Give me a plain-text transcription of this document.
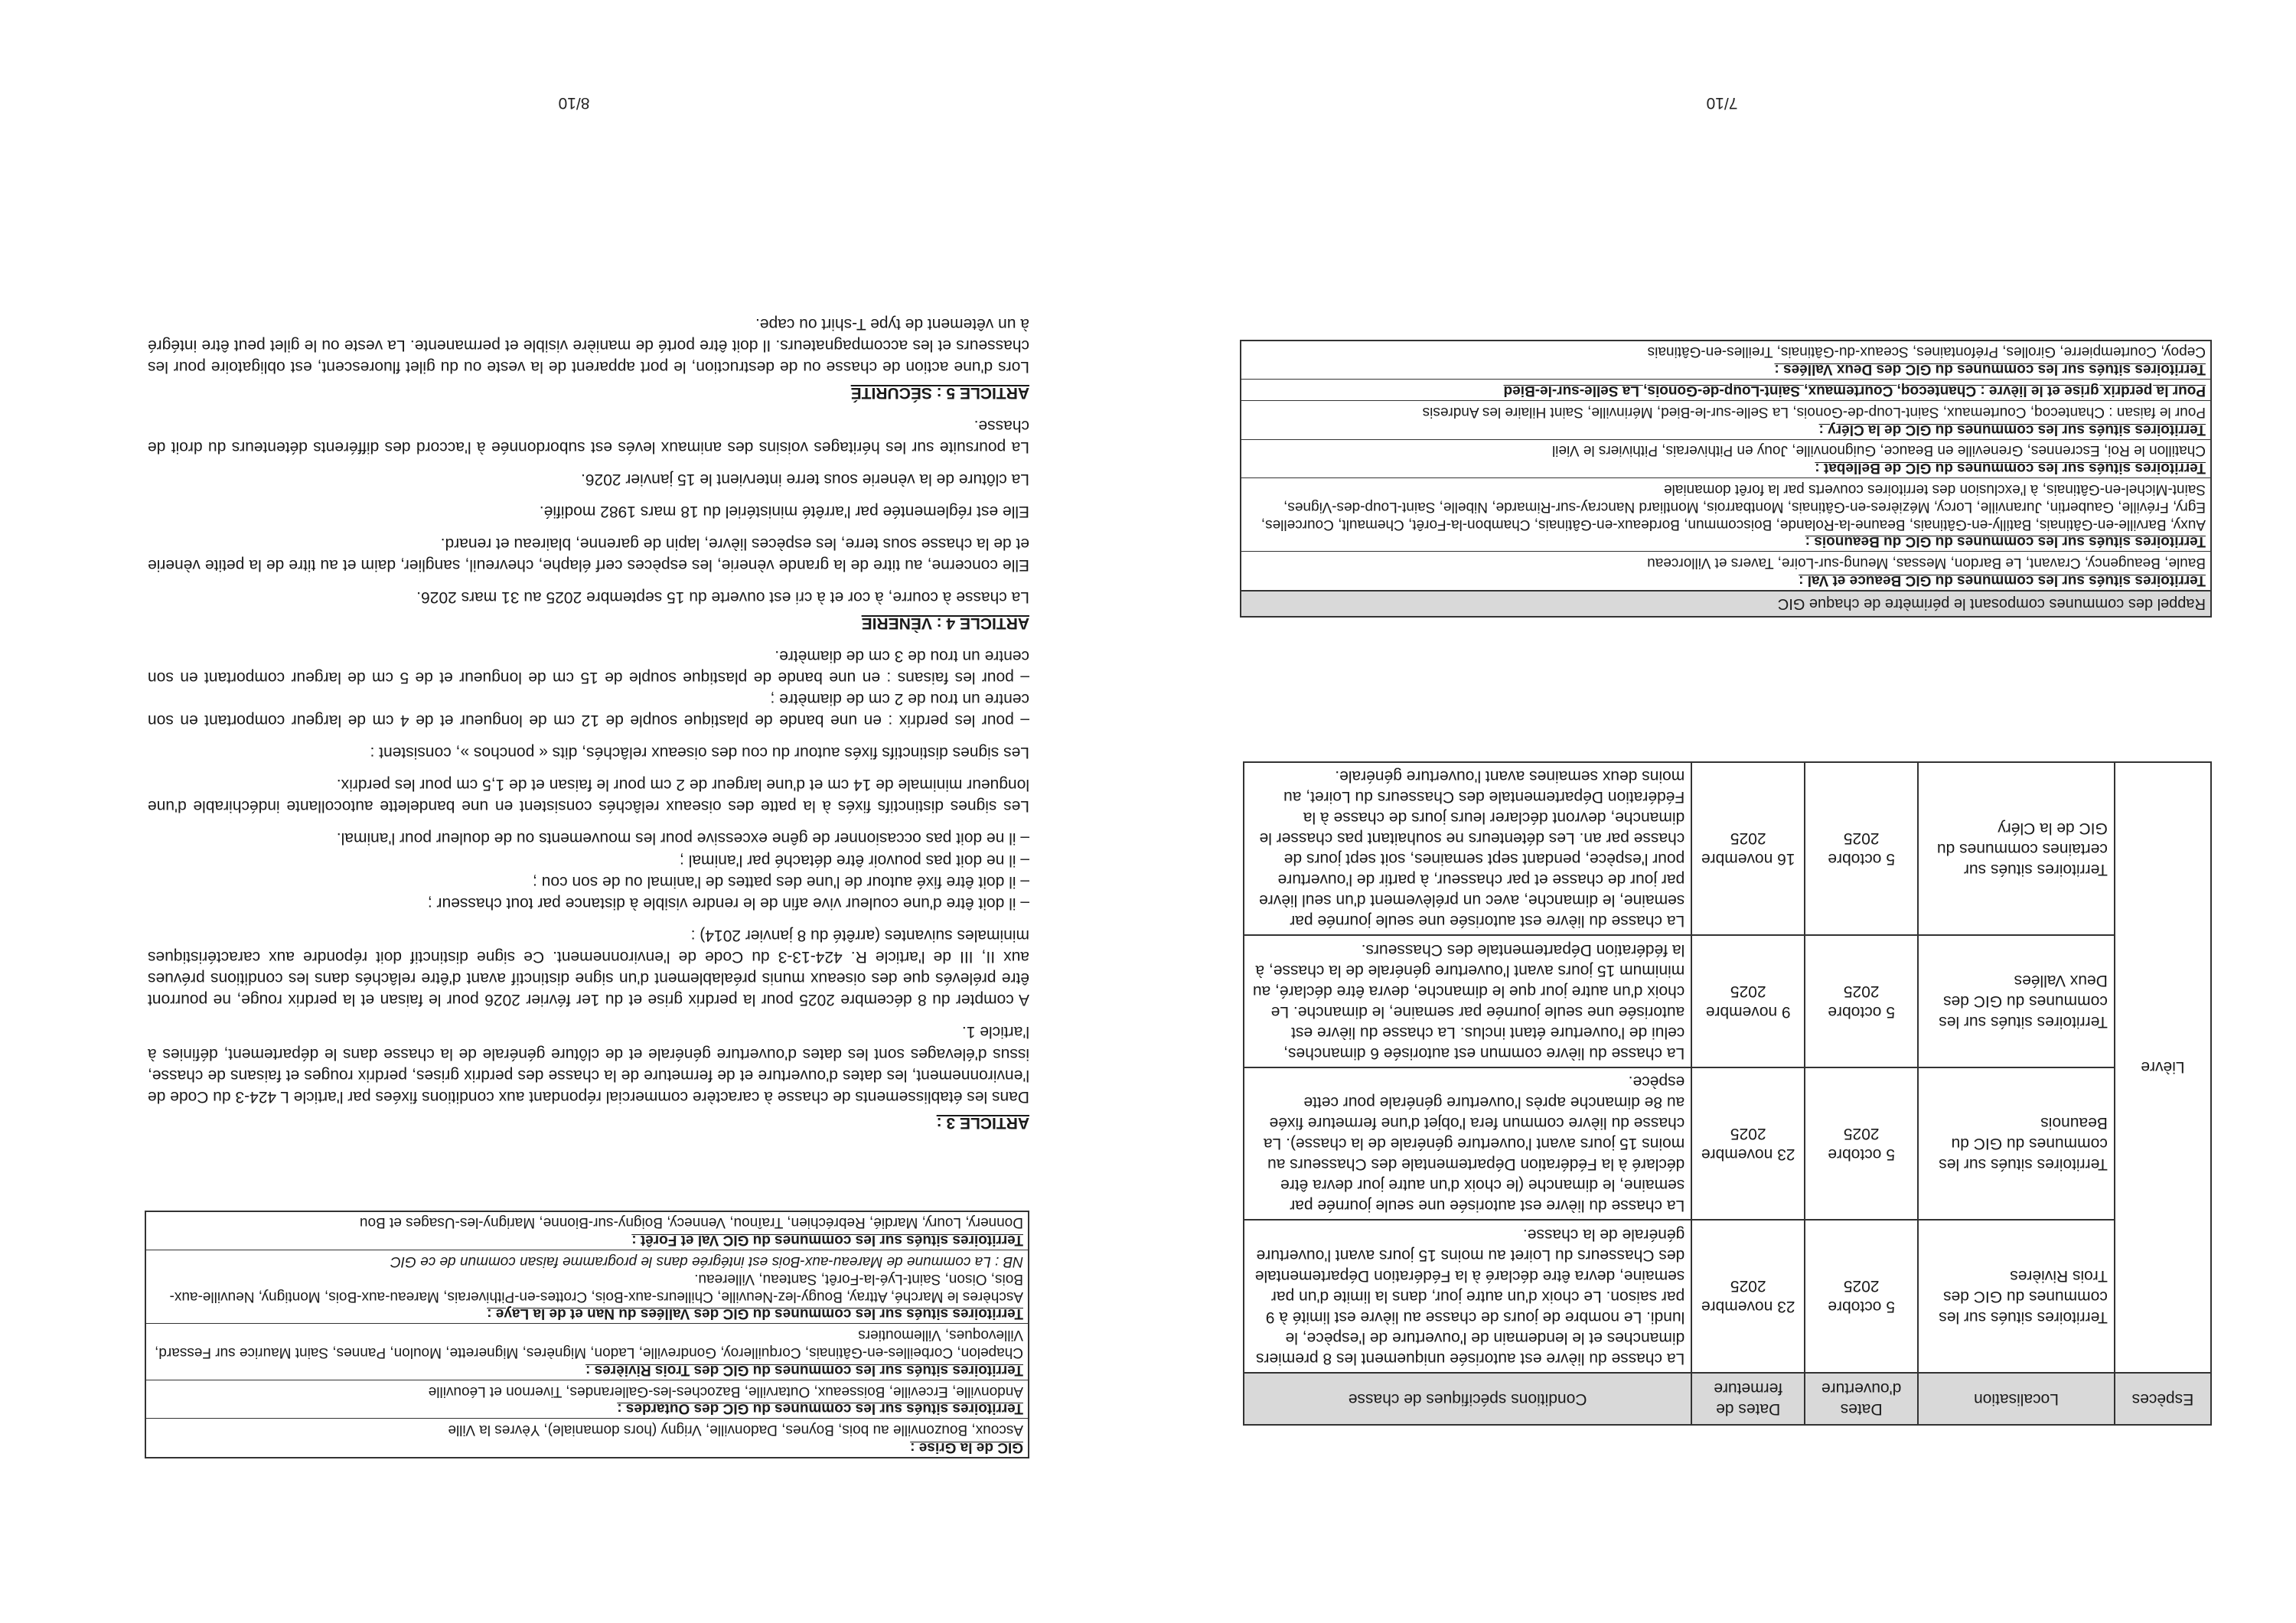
Espèces	Localisation	Dates d'ouverture	Dates de fermeture	Conditions spécifiques de chasse
Lièvre	Territoires situés sur les communes du GIC des Trois Rivières	5 octobre 2025	23 novembre 2025	La chasse du lièvre est autorisée uniquement les 8 premiers dimanches et le lendemain de l'ouverture de l'espèce, le lundi. Le nombre de jours de chasse au lièvre est limité à 9 par saison. Le choix d'un autre jour, dans la limite d'un par semaine, devra être déclaré à la Fédération Départementale des Chasseurs du Loiret au moins 15 jours avant l'ouverture générale de la chasse.
	Territoires situés sur les communes du GIC du Beaunois	5 octobre 2025	23 novembre 2025	La chasse du lièvre est autorisée une seule journée par semaine, le dimanche (le choix d'un autre jour devra être déclaré à la Fédération Départementale des Chasseurs au moins 15 jours avant l'ouverture générale de la chasse). La chasse du lièvre commun fera l'objet d'une fermeture fixée au 8e dimanche après l'ouverture générale pour cette espèce.
	Territoires situés sur les communes du GIC des Deux Vallées	5 octobre 2025	9 novembre 2025	La chasse du lièvre commun est autorisée 6 dimanches, celui de l'ouverture étant inclus. La chasse du lièvre est autorisée une seule journée par semaine, le dimanche. Le choix d'un autre jour que le dimanche, devra être déclaré, au minimum 15 jours avant l'ouverture générale de la chasse, à la fédération Départementale des Chasseurs.
	Territoires situés sur certaines communes du GIC de la Cléry	5 octobre 2025	16 novembre 2025	La chasse du lièvre est autorisée une seule journée par semaine, le dimanche, avec un prélèvement d'un seul lièvre par jour de chasse et par chasseur, à partir de l'ouverture pour l'espèce, pendant sept semaines, soit sept jours de chasse par an. Les détenteurs ne souhaitant pas chasser le dimanche, devront déclarer leurs jours de chasse à la Fédération Départementale des Chasseurs du Loiret, au moins deux semaines avant l'ouverture générale.
Rappel des communes composant le périmètre de chaque GIC
Territoires situés sur les communes du GIC Beauce et Val :
Baule, Beaugency, Cravant, Le Bardon, Messas, Meung-sur-Loire, Tavers et Villorceau
Territoires situés sur les communes du GIC du Beaunois :
Auxy, Barville-en-Gâtinais, Batilly-en-Gâtinais, Beaune-la-Rolande, Boiscommun, Bordeaux-en-Gâtinais, Chambon-la-Forêt, Chemault, Courcelles, Egry, Fréville, Gaubertin, Juranville, Lorcy, Mézières-en-Gâtinais, Montbarrois, Montliard Nancray-sur-Rimarde, Nibelle, Saint-Loup-des-Vignes, Saint-Michel-en-Gâtinais, à l'exclusion des territoires couverts par la forêt domaniale
Territoires situés sur les communes du GIC de Bellebat :
Chatillon le Roi, Escrennes, Greneville en Beauce, Guignonville, Jouy en Pithiverais, Pithiviers le Vieil
Territoires situés sur les communes du GIC de la Cléry :
Pour le faisan : Chantecoq, Courtemaux, Saint-Loup-de-Gonois, La Selle-sur-le-Bied, Mérinville, Saint Hilaire les Andresis
Pour la perdrix grise et le lièvre : Chantecoq, Courtemaux, Saint-Loup-de-Gonois, La Selle-sur-le-Bied
Territoires situés sur les communes du GIC des Deux Vallées :
Cepoy, Courtempierre, Girolles, Préfontaines, Sceaux-du-Gâtinais, Treilles-en-Gâtinais
7/10
GIC de la Grise :
Ascoux, Bouzonville au bois, Boynes, Dadonville, Vrigny (hors domaniale), Yèvres la Ville
Territoires situés sur les communes du GIC des Outardes :
Andonville, Erceville, Boisseaux, Outarville, Bazoches-les-Gallerandes, Tivernon et Léouville
Territoires situés sur les communes du GIC des Trois Rivières :
Chapelon, Corbeilles-en-Gâtinais, Corquilleroy, Gondreville, Ladon, Mignères, Mignerette, Moulon, Pannes, Saint Maurice sur Fessard, Villevoques, Villemoutiers
Territoires situés sur les communes du GIC des Vallées du Nan et de la Laye :
Aschères le Marché, Attray, Bougy-lez-Neuville, Chilleurs-aux-Bois, Crottes-en-Pithiverais, Mareau-aux-Bois, Montigny, Neuville-aux-Bois, Oison, Saint-Lyé-la-Forêt, Santeau, Villereau.
NB : La commune de Mareau-aux-Bois est intégrée dans le programme faisan commun de ce GIC
Territoires situés sur les communes du GIC Val et Forêt :
Donnery, Loury, Mardié, Rebréchien, Traînou, Vennecy, Boigny-sur-Bionne, Marigny-les-Usages et Bou
ARTICLE 3 :

Dans les établissements de chasse à caractère commercial répondant aux conditions fixées par l'article L 424-3 du Code de l'environnement, les dates d'ouverture et de fermeture de la chasse des perdrix grises, perdrix rouges et faisans de chasse, issus d'élevages sont les dates d'ouverture générale et de clôture générale de la chasse dans le département, définies à l'article 1.

A compter du 8 décembre 2025 pour la perdrix grise et du 1er février 2026 pour le faisan et la perdrix rouge, ne pourront être prélevés que des oiseaux munis préalablement d'un signe distinctif avant d'être relâchés dans les conditions prévues aux II, III de l'article R. 424-13-3 du Code de l'environnement. Ce signe distinctif doit répondre aux caractéristiques minimales suivantes (arrêté du 8 janvier 2014) :

– il doit être d'une couleur vive afin de le rendre visible à distance par tout chasseur ;
– il doit être fixé autour de l'une des pattes de l'animal ou de son cou ;
– il ne doit pas pouvoir être détaché par l'animal ;
– il ne doit pas occasionner de gêne excessive pour les mouvements ou de douleur pour l'animal.

Les signes distinctifs fixés à la patte des oiseaux relâchés consistent en une bandelette autocollante indéchirable d'une longueur minimale de 14 cm et d'une largeur de 2 cm pour le faisan et de 1,5 cm pour les perdrix.

Les signes distinctifs fixés autour du cou des oiseaux relâchés, dits « ponchos », consistent :

– pour les perdrix : en une bande de plastique souple de 12 cm de longueur et de 4 cm de largeur comportant en son centre un trou de 2 cm de diamètre ;
– pour les faisans : en une bande de plastique souple de 15 cm de longueur et de 5 cm de largeur comportant en son centre un trou de 3 cm de diamètre.
ARTICLE 4 : VÈNERIE

La chasse à courre, à cor et à cri est ouverte du 15 septembre 2025 au 31 mars 2026.

Elle concerne, au titre de la grande vènerie, les espèces cerf élaphe, chevreuil, sanglier, daim et au titre de la petite vènerie et de la chasse sous terre, les espèces lièvre, lapin de garenne, blaireau et renard.

Elle est réglementée par l'arrêté ministériel du 18 mars 1982 modifié.

La clôture de la vènerie sous terre intervient le 15 janvier 2026.

La poursuite sur les héritages voisins des animaux levés est subordonnée à l'accord des différents détenteurs du droit de chasse.

ARTICLE 5 : SÉCURITÉ

Lors d'une action de chasse ou de destruction, le port apparent de la veste ou du gilet fluorescent, est obligatoire pour les chasseurs et les accompagnateurs. Il doit être porté de manière visible et permanente. La veste ou le gilet peut être intégré à un vêtement de type T-shirt ou cape.

8/10
